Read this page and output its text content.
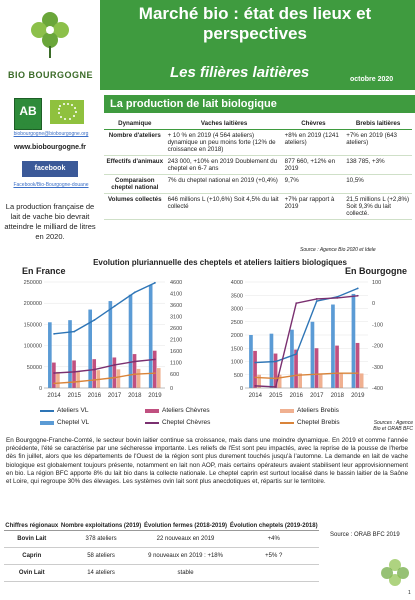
BIO BOURGOGNE
Marché bio : état des lieux et perspectives
Les filières laitières	octobre 2020
AB
AGRICULTURE BIOLOGIQUE
biobourgogne@biobourgogne.org
www.biobourgogne.fr
facebook
Facebook/Bio-Bourgogne-douane
La production française de lait de vache bio devrait atteindre le milliard de litres en 2020.
La production de lait biologique
Dynamique	Vaches laitières	Chèvres	Brebis laitières
Nombre d'ateliers	+ 10 % en 2019 (4 564 ateliers) dynamique un peu moins forte (12% de croissance en 2018)	+8% en 2019 (1241 ateliers)	+7% en 2019 (643 ateliers)
Effectifs d'animaux	243 000, +10% en 2019 Doublement du cheptel en 6-7 ans	877 660, +12% en 2019	138 785, +3%
Comparaison cheptel national	7% du cheptel national en 2019 (+0,4%)	9,7%	10,5%
Volumes collectés	646 millions L (+10,6%) Soit 4,5% du lait collecté	+7% par rapport à 2019	21,5 millions L (+2,8%) Soit 9,3% du lait collecté.
Source : Agence Bio 2020 et Idele
Evolution pluriannuelle des cheptels et ateliers laitiers biologiques
En France	En Bourgogne
0
50000
100000
150000
200000
250000
0
600
1100
1600
2100
2600
3100
3600
4100
4600
2014 2015 2016 2017 2018 2019
0
500
1000
1500
2000
2500
3000
3500
4000
-400
-300
-200
-100
0
100
2014 2015 2016 2017 2018 2019
Ateliers VL	Ateliers Chèvres	Ateliers Brebis
Cheptel VL	Cheptel Chèvres	Cheptel Brebis	Sources : Agence Bio et ORAB BFC
En Bourgogne-Franche-Comté, le secteur bovin laitier continue sa croissance, mais dans une moindre dynamique. En 2019 et comme l'année précédente, l'été se caractérise par une sécheresse importante. Les reliefs de l'Est sont peu impactés, avec la reprise de la pousse de l'herbe dès fin juillet, alors que les départements de l'Ouest de la région sont plus durement touchés jusqu'à l'automne. La demande en lait de vache biologique est globalement toujours présente, notamment en lait non AOP, mais certains opérateurs avaient stabilisent leur approvisionnement en bio. La région BFC apporte 8% du lait bio dans la collecte nationale. Le cheptel caprin est surtout localisé dans le bassin laitier de la Saône et Loire, qui regroupe 30% des élevages. Les systèmes ovin lait sont plus anecdotiques et, répartis sur le territoire.
Chiffres régionaux	Nombre exploitations (2019)	Évolution fermes (2018-2019)	Évolution cheptels (2019-2018)
Bovin Lait	378 ateliers	22 nouveaux en 2019	+4%
Caprin	58 ateliers	9 nouveaux en 2019 : +18%	+5% ?
Ovin Lait	14 ateliers	stable	
Source : ORAB BFC 2019
1
